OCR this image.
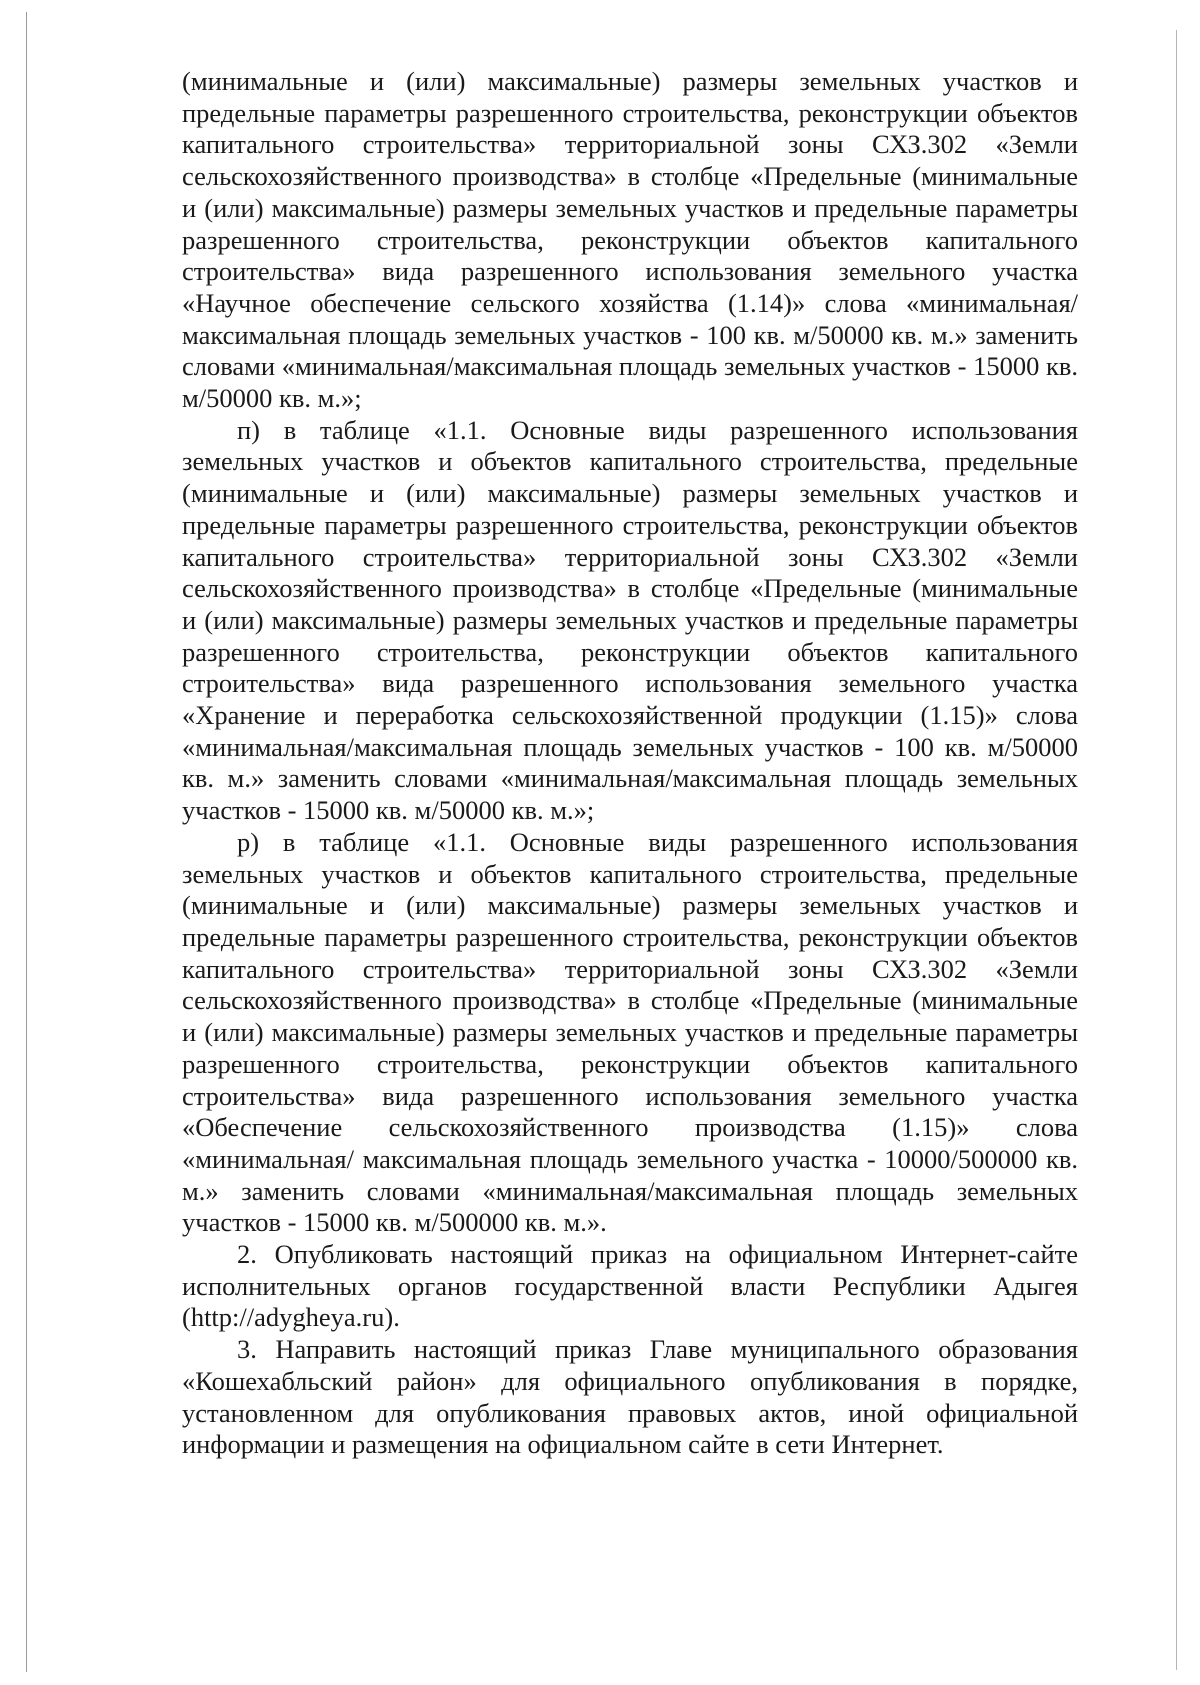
(минимальные и (или) максимальные) размеры земельных участков и предельные параметры разрешенного строительства, реконструкции объектов капитального строительства» территориальной зоны СХЗ.302 «Земли сельскохозяйственного производства» в столбце «Предельные (минимальные и (или) максимальные) размеры земельных участков и предельные параметры разрешенного строительства, реконструкции объектов капитального строительства» вида разрешенного использования земельного участка «Научное обеспечение сельского хозяйства (1.14)» слова «минимальная/максимальная площадь земельных участков - 100 кв. м/50000 кв. м.» заменить словами «минимальная/максимальная площадь земельных участков - 15000 кв. м/50000 кв. м.»;

п) в таблице «1.1. Основные виды разрешенного использования земельных участков и объектов капитального строительства, предельные (минимальные и (или) максимальные) размеры земельных участков и предельные параметры разрешенного строительства, реконструкции объектов капитального строительства» территориальной зоны СХЗ.302 «Земли сельскохозяйственного производства» в столбце «Предельные (минимальные и (или) максимальные) размеры земельных участков и предельные параметры разрешенного строительства, реконструкции объектов капитального строительства» вида разрешенного использования земельного участка «Хранение и переработка сельскохозяйственной продукции (1.15)» слова «минимальная/максимальная площадь земельных участков - 100 кв. м/50000 кв. м.» заменить словами «минимальная/максимальная площадь земельных участков - 15000 кв. м/50000 кв. м.»;

р) в таблице «1.1. Основные виды разрешенного использования земельных участков и объектов капитального строительства, предельные (минимальные и (или) максимальные) размеры земельных участков и предельные параметры разрешенного строительства, реконструкции объектов капитального строительства» территориальной зоны СХЗ.302 «Земли сельскохозяйственного производства» в столбце «Предельные (минимальные и (или) максимальные) размеры земельных участков и предельные параметры разрешенного строительства, реконструкции объектов капитального строительства» вида разрешенного использования земельного участка «Обеспечение сельскохозяйственного производства (1.15)» слова «минимальная/ максимальная площадь земельного участка - 10000/500000 кв. м.» заменить словами «минимальная/максимальная площадь земельных участков - 15000 кв. м/500000 кв. м.».

2. Опубликовать настоящий приказ на официальном Интернет-сайте исполнительных органов государственной власти Республики Адыгея (http://adygheya.ru).

3. Направить настоящий приказ Главе муниципального образования «Кошехабльский район» для официального опубликования в порядке, установленном для опубликования правовых актов, иной официальной информации и размещения на официальном сайте в сети Интернет.
